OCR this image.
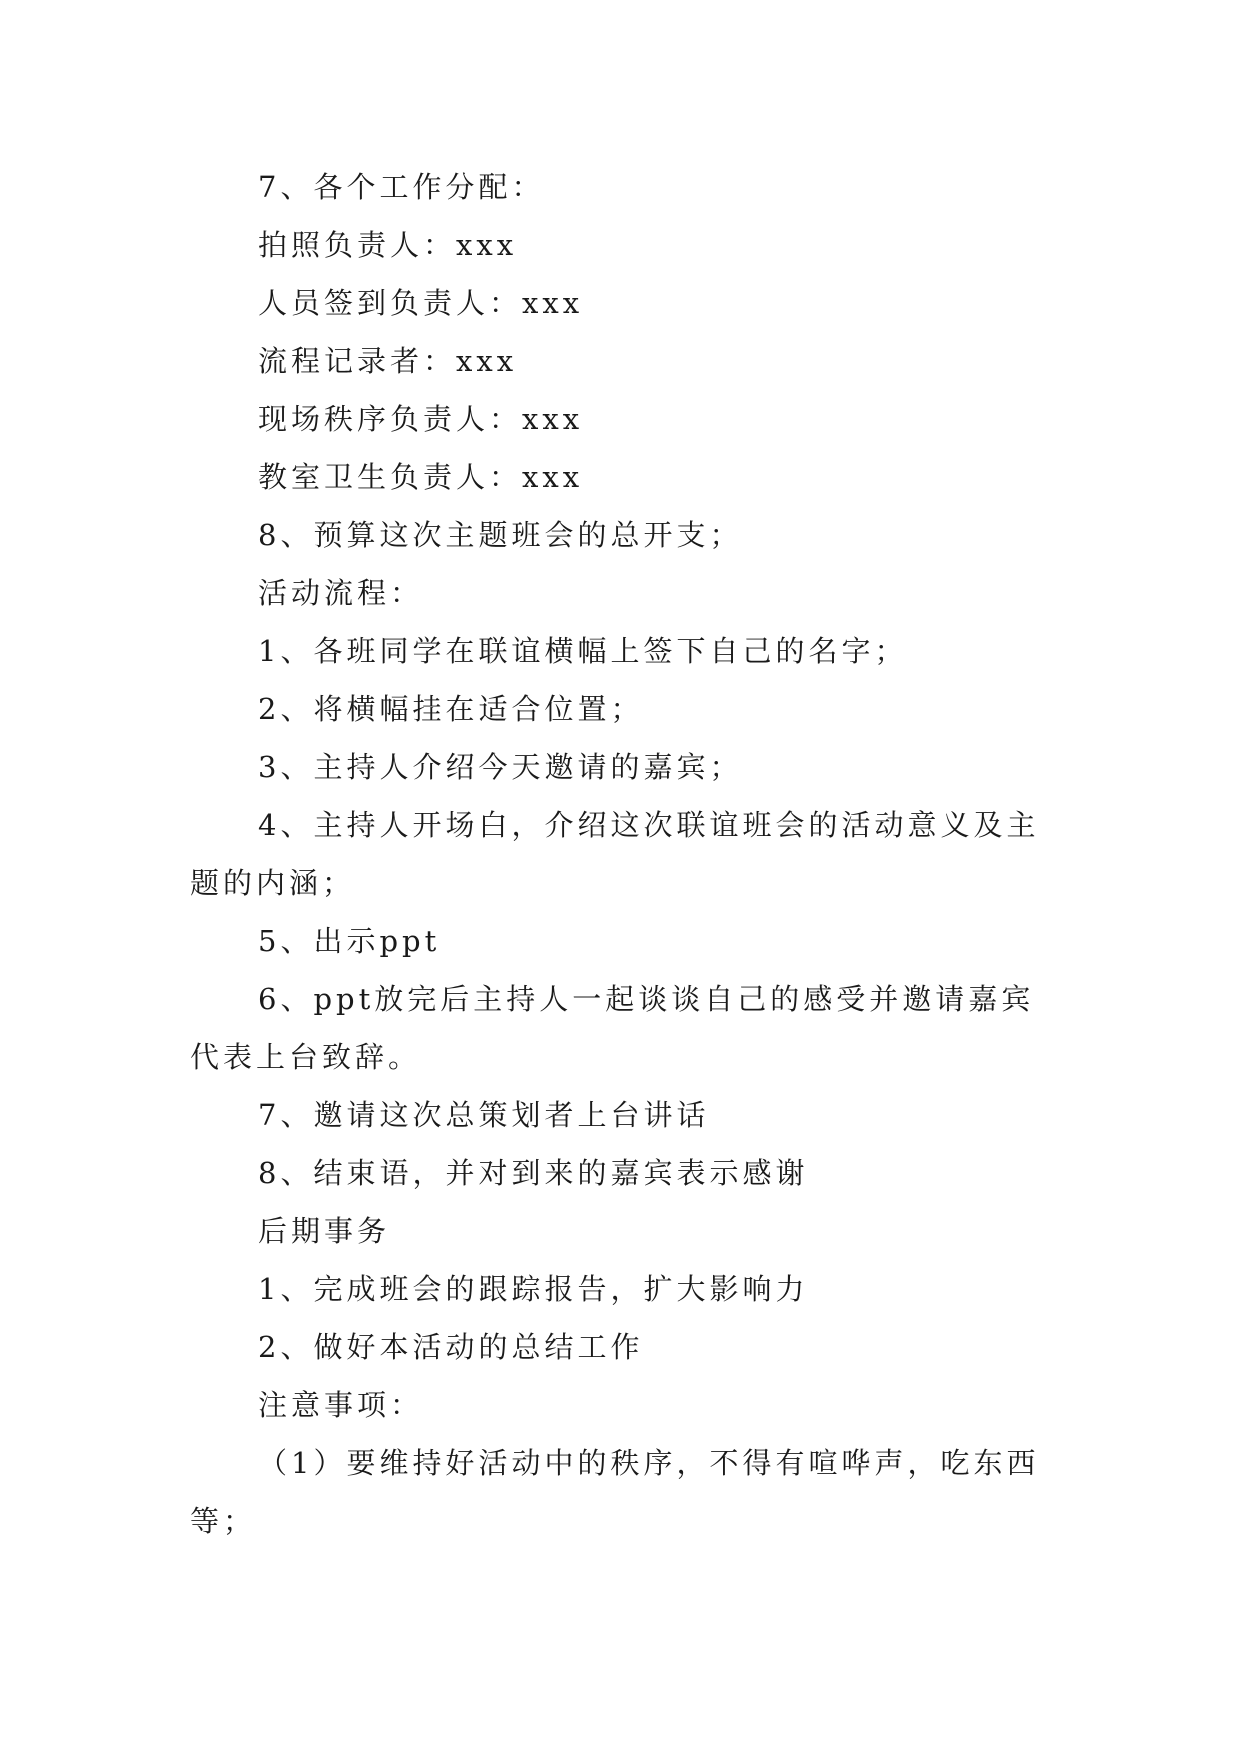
7、各个工作分配：

拍照负责人：xxx

人员签到负责人：xxx

流程记录者：xxx

现场秩序负责人：xxx

教室卫生负责人：xxx

8、预算这次主题班会的总开支；

活动流程：

1、各班同学在联谊横幅上签下自己的名字；

2、将横幅挂在适合位置；

3、主持人介绍今天邀请的嘉宾；

4、主持人开场白，介绍这次联谊班会的活动意义及主题的内涵；

5、出示ppt

6、ppt放完后主持人一起谈谈自己的感受并邀请嘉宾代表上台致辞。

7、邀请这次总策划者上台讲话

8、结束语，并对到来的嘉宾表示感谢

后期事务

1、完成班会的跟踪报告，扩大影响力

2、做好本活动的总结工作

注意事项：

（1）要维持好活动中的秩序，不得有喧哗声，吃东西等；
